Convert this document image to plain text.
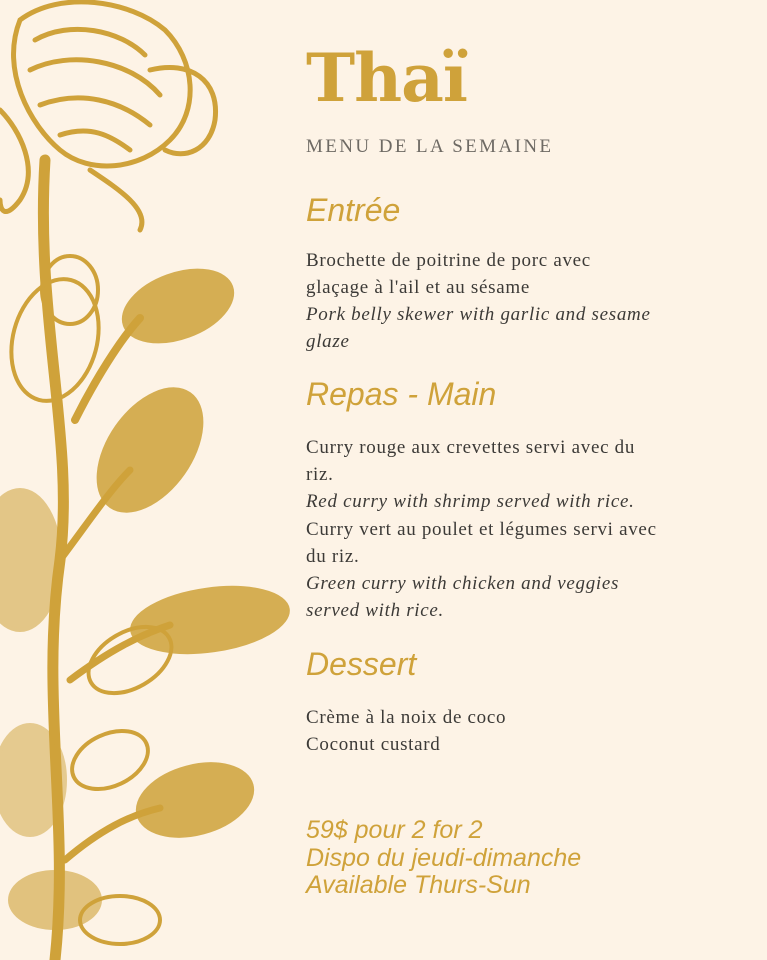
Thaï
MENU DE LA SEMAINE
Entrée
Brochette de poitrine de porc avec
glaçage à l'ail et au sésame
Pork belly skewer with garlic and sesame
glaze
Repas - Main
Curry rouge aux crevettes servi avec du
riz.
Red curry with shrimp served with rice.
Curry vert au poulet et légumes servi avec
du riz.
Green curry with chicken and veggies
served with rice.
Dessert
Crème à la noix de coco
Coconut custard
59$ pour 2 for 2
Dispo du jeudi-dimanche
Available Thurs-Sun
